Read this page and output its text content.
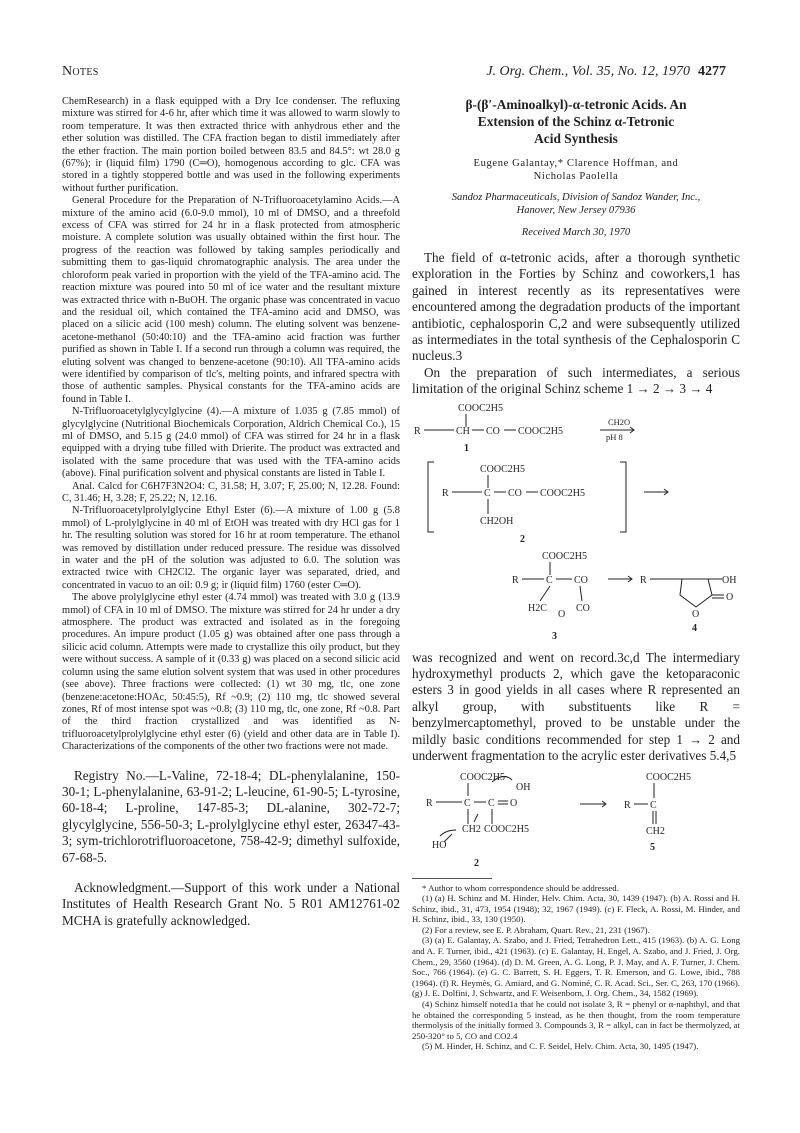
Notes	J. Org. Chem., Vol. 35, No. 12, 1970 4277

ChemResearch) in a flask equipped with a Dry Ice condenser. The refluxing mixture was stirred for 4-6 hr, after which time it was allowed to warm slowly to room temperature. It was then extracted thrice with anhydrous ether and the ether solution was distilled. The CFA fraction began to distil immediately after the ether fraction. The main portion boiled between 83.5 and 84.5°: wt 28.0 g (67%); ir (liquid film) 1790 (C═O), homogenous according to glc. CFA was stored in a tightly stoppered bottle and was used in the following experiments without further purification.

General Procedure for the Preparation of N-Trifluoroacetylamino Acids.—A mixture of the amino acid (6.0-9.0 mmol), 10 ml of DMSO, and a threefold excess of CFA was stirred for 24 hr in a flask protected from atmospheric moisture. A complete solution was usually obtained within the first hour. The progress of the reaction was followed by taking samples periodically and submitting them to gas-liquid chromatographic analysis. The area under the chloroform peak varied in proportion with the yield of the TFA-amino acid. The reaction mixture was poured into 50 ml of ice water and the resultant mixture was extracted thrice with n-BuOH. The organic phase was concentrated in vacuo and the residual oil, which contained the TFA-amino acid and DMSO, was placed on a silicic acid (100 mesh) column. The eluting solvent was benzene-acetone-methanol (50:40:10) and the TFA-amino acid fraction was further purified as shown in Table I. If a second run through a column was required, the eluting solvent was changed to benzene-acetone (90:10). All TFA-amino acids were identified by comparison of tlc's, melting points, and infrared spectra with those of authentic samples. Physical constants for the TFA-amino acids are found in Table I.

N-Trifluoroacetylglycylglycine (4).—A mixture of 1.035 g (7.85 mmol) of glycylglycine (Nutritional Biochemicals Corporation, Aldrich Chemical Co.), 15 ml of DMSO, and 5.15 g (24.0 mmol) of CFA was stirred for 24 hr in a flask equipped with a drying tube filled with Drierite. The product was extracted and isolated with the same procedure that was used with the TFA-amino acids (above). Final purification solvent and physical constants are listed in Table I.

Anal. Calcd for C6H7F3N2O4: C, 31.58; H, 3.07; F, 25.00; N, 12.28. Found: C, 31.46; H, 3.28; F, 25.22; N, 12.16.

N-Trifluoroacetylprolylglycine Ethyl Ester (6).—A mixture of 1.00 g (5.8 mmol) of L-prolylglycine in 40 ml of EtOH was treated with dry HCl gas for 1 hr. The resulting solution was stored for 16 hr at room temperature. The ethanol was removed by distillation under reduced pressure. The residue was dissolved in water and the pH of the solution was adjusted to 6.0. The solution was extracted twice with CH2Cl2. The organic layer was separated, dried, and concentrated in vacuo to an oil: 0.9 g; ir (liquid film) 1760 (ester C═O).

The above prolylglycine ethyl ester (4.74 mmol) was treated with 3.0 g (13.9 mmol) of CFA in 10 ml of DMSO. The mixture was stirred for 24 hr under a dry atmosphere. The product was extracted and isolated as in the foregoing procedures. An impure product (1.05 g) was obtained after one pass through a silicic acid column. Attempts were made to crystallize this oily product, but they were without success. A sample of it (0.33 g) was placed on a second silicic acid column using the same elution solvent system that was used in other procedures (see above). Three fractions were collected: (1) wt 30 mg, tlc, one zone (benzene:acetone:HOAc, 50:45:5), Rf ~0.9; (2) 110 mg, tlc showed several zones, Rf of most intense spot was ~0.8; (3) 110 mg, tlc, one zone, Rf ~0.8. Part of the third fraction crystallized and was identified as N-trifluoroacetylprolylglycine ethyl ester (6) (yield and other data are in Table I). Characterizations of the components of the other two fractions were not made.

Registry No.—L-Valine, 72-18-4; DL-phenylalanine, 150-30-1; L-phenylalanine, 63-91-2; L-leucine, 61-90-5; L-tyrosine, 60-18-4; L-proline, 147-85-3; DL-alanine, 302-72-7; glycylglycine, 556-50-3; L-prolylglycine ethyl ester, 26347-43-3; sym-trichlorotrifluoroacetone, 758-42-9; dimethyl sulfoxide, 67-68-5.

Acknowledgment.—Support of this work under a National Institutes of Health Research Grant No. 5 R01 AM12761-02 MCHA is gratefully acknowledged.

β-(β′-Aminoalkyl)-α-tetronic Acids. An
Extension of the Schinz α-Tetronic
Acid Synthesis
Eugene Galantay,* Clarence Hoffman, and
Nicholas Paolella
Sandoz Pharmaceuticals, Division of Sandoz Wander, Inc.,
Hanover, New Jersey 07936
Received March 30, 1970

The field of α-tetronic acids, after a thorough synthetic exploration in the Forties by Schinz and coworkers,1 has gained in interest recently as its representatives were encountered among the degradation products of the important antibiotic, cephalosporin C,2 and were subsequently utilized as intermediates in the total synthesis of the Cephalosporin C nucleus.3

On the preparation of such intermediates, a serious limitation of the original Schinz scheme 1 → 2 → 3 → 4

COOC2H5
R	CH CO COOC2H5
CH2O
pH 8
1
COOC2H5
R	C CO COOC2H5
CH2OH
2
COOC2H5
R	C CO
H2C
O
CO
R	OH
O
O
3
4

was recognized and went on record.3c,d The intermediary hydroxymethyl products 2, which gave the ketoparaconic esters 3 in good yields in all cases where R represented an alkyl group, with substituents like R = benzylmercaptomethyl, proved to be unstable under the mildly basic conditions recommended for step 1 → 2 and underwent fragmentation to the acrylic ester derivatives 5.4,5

COOC2H5
OH
R	C C O
CH2 COOC2H5
HO
2
COOC2H5
R C
CH2
5

* Author to whom correspondence should be addressed.

(1) (a) H. Schinz and M. Hinder, Helv. Chim. Acta, 30, 1439 (1947). (b) A. Rossi and H. Schinz, ibid., 31, 473, 1954 (1948); 32, 1967 (1949). (c) F. Fleck, A. Rossi, M. Hinder, and H. Schinz, ibid., 33, 130 (1950).

(2) For a review, see E. P. Abraham, Quart. Rev., 21, 231 (1967).

(3) (a) E. Galantay, A. Szabo, and J. Fried, Tetrahedron Lett., 415 (1963). (b) A. G. Long and A. F. Turner, ibid., 421 (1963). (c) E. Galantay, H. Engel, A. Szabo, and J. Fried, J. Org. Chem., 29, 3560 (1964). (d) D. M. Green, A. G. Long, P. J. May, and A. F. Turner, J. Chem. Soc., 766 (1964). (e) G. C. Barrett, S. H. Eggers, T. R. Emerson, and G. Lowe, ibid., 788 (1964). (f) R. Heymès, G. Amiard, and G. Nominé, C. R. Acad. Sci., Ser. C, 263, 170 (1966). (g) J. E. Dolfini, J. Schwartz, and F. Weisenborn, J. Org. Chem., 34, 1582 (1969).

(4) Schinz himself noted1a that he could not isolate 3, R = phenyl or α-naphthyl, and that he obtained the corresponding 5 instead, as he then thought, from the room temperature thermolysis of the initially formed 3. Compounds 3, R = alkyl, can in fact be thermolyzed, at 250-320° to 5, CO and CO2.4

(5) M. Hinder, H. Schinz, and C. F. Seidel, Helv. Chim. Acta, 30, 1495 (1947).
